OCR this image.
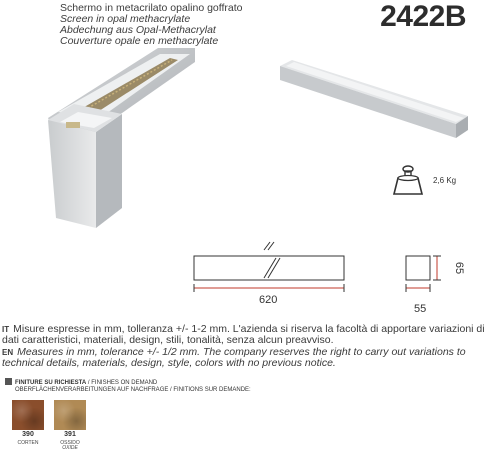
Schermo in metacrilato opalino goffrato
Screen in opal methacrylate
Abdechung aus Opal-Methacrylat
Couverture opale en methacrylate
2422B
2,6 Kg
620
65
55
IT Misure espresse in mm, tolleranza +/- 1-2 mm. L'azienda si riserva la facoltà di apportare variazioni di dati caratteristici, materiali, design, stili, tonalità, senza alcun preavviso.
EN Measures in mm, tolerance +/- 1/2 mm. The company reserves the right to carry out variations to technical details, materials, design, style, colors with no previous notice.
FINITURE SU RICHIESTA / FINISHES ON DEMAND
OBERFLÄCHENVERARBEITUNGEN AUF NACHFRAGE / FINITIONS SUR DEMANDE:
390
CORTEN
391
OSSIDO
OXIDE
